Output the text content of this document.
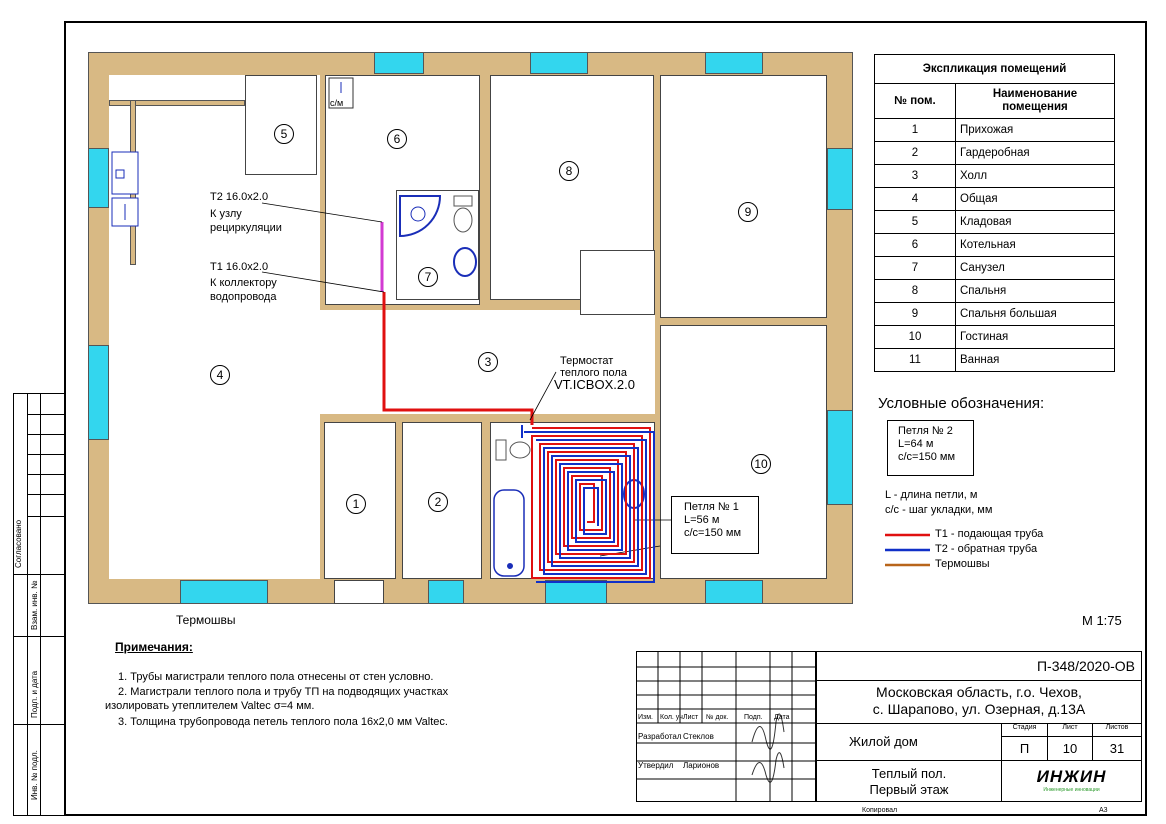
Согласовано
Взам. инв. №
Подп. и дата
Инв. № подл.
1	2
3
4
5	6
7
8
9
10
с/м
Т2 16.0х2.0
К узлу
рециркуляции
Т1 16.0х2.0
К коллектору
водопровода
Термостат
теплого пола
VT.ICBOX.2.0
Термошвы
Петля № 1
L=56 м
с/с=150 мм
Экспликация помещений	
№ пом.	Наименование помещения
1	Прихожая
2	Гардеробная
3	Холл
4	Общая
5	Кладовая
6	Котельная
7	Санузел
8	Спальня
9	Спальня большая
10	Гостиная
11	Ванная
Условные обозначения:
Петля № 2
L=64 м
с/с=150 мм
L - длина петли, м
с/с - шаг укладки, мм
Т1 - подающая труба
Т2 - обратная труба
Термошвы
М 1:75
Примечания:
1. Трубы магистрали теплого пола отнесены от стен условно.
2. Магистрали теплого пола и трубу ТП на подводящих участках
изолировать утеплителем Valtec σ=4 мм.
3. Толщина трубопровода петель теплого пола 16х2,0 мм Valtec.	Изм. Кол. уч Лист № док. Подп. Дата
Разработал Стеклов
Утвердил Ларионов
П-348/2020-ОВ
Московская область, г.о. Чехов,
с. Шарапово, ул. Озерная, д.13А
Жилой дом
Стадия	Лист	Листов
П	10	31
Теплый пол.
Первый этаж
ИНЖИН
Инженерные инновации
Копировал	А3
